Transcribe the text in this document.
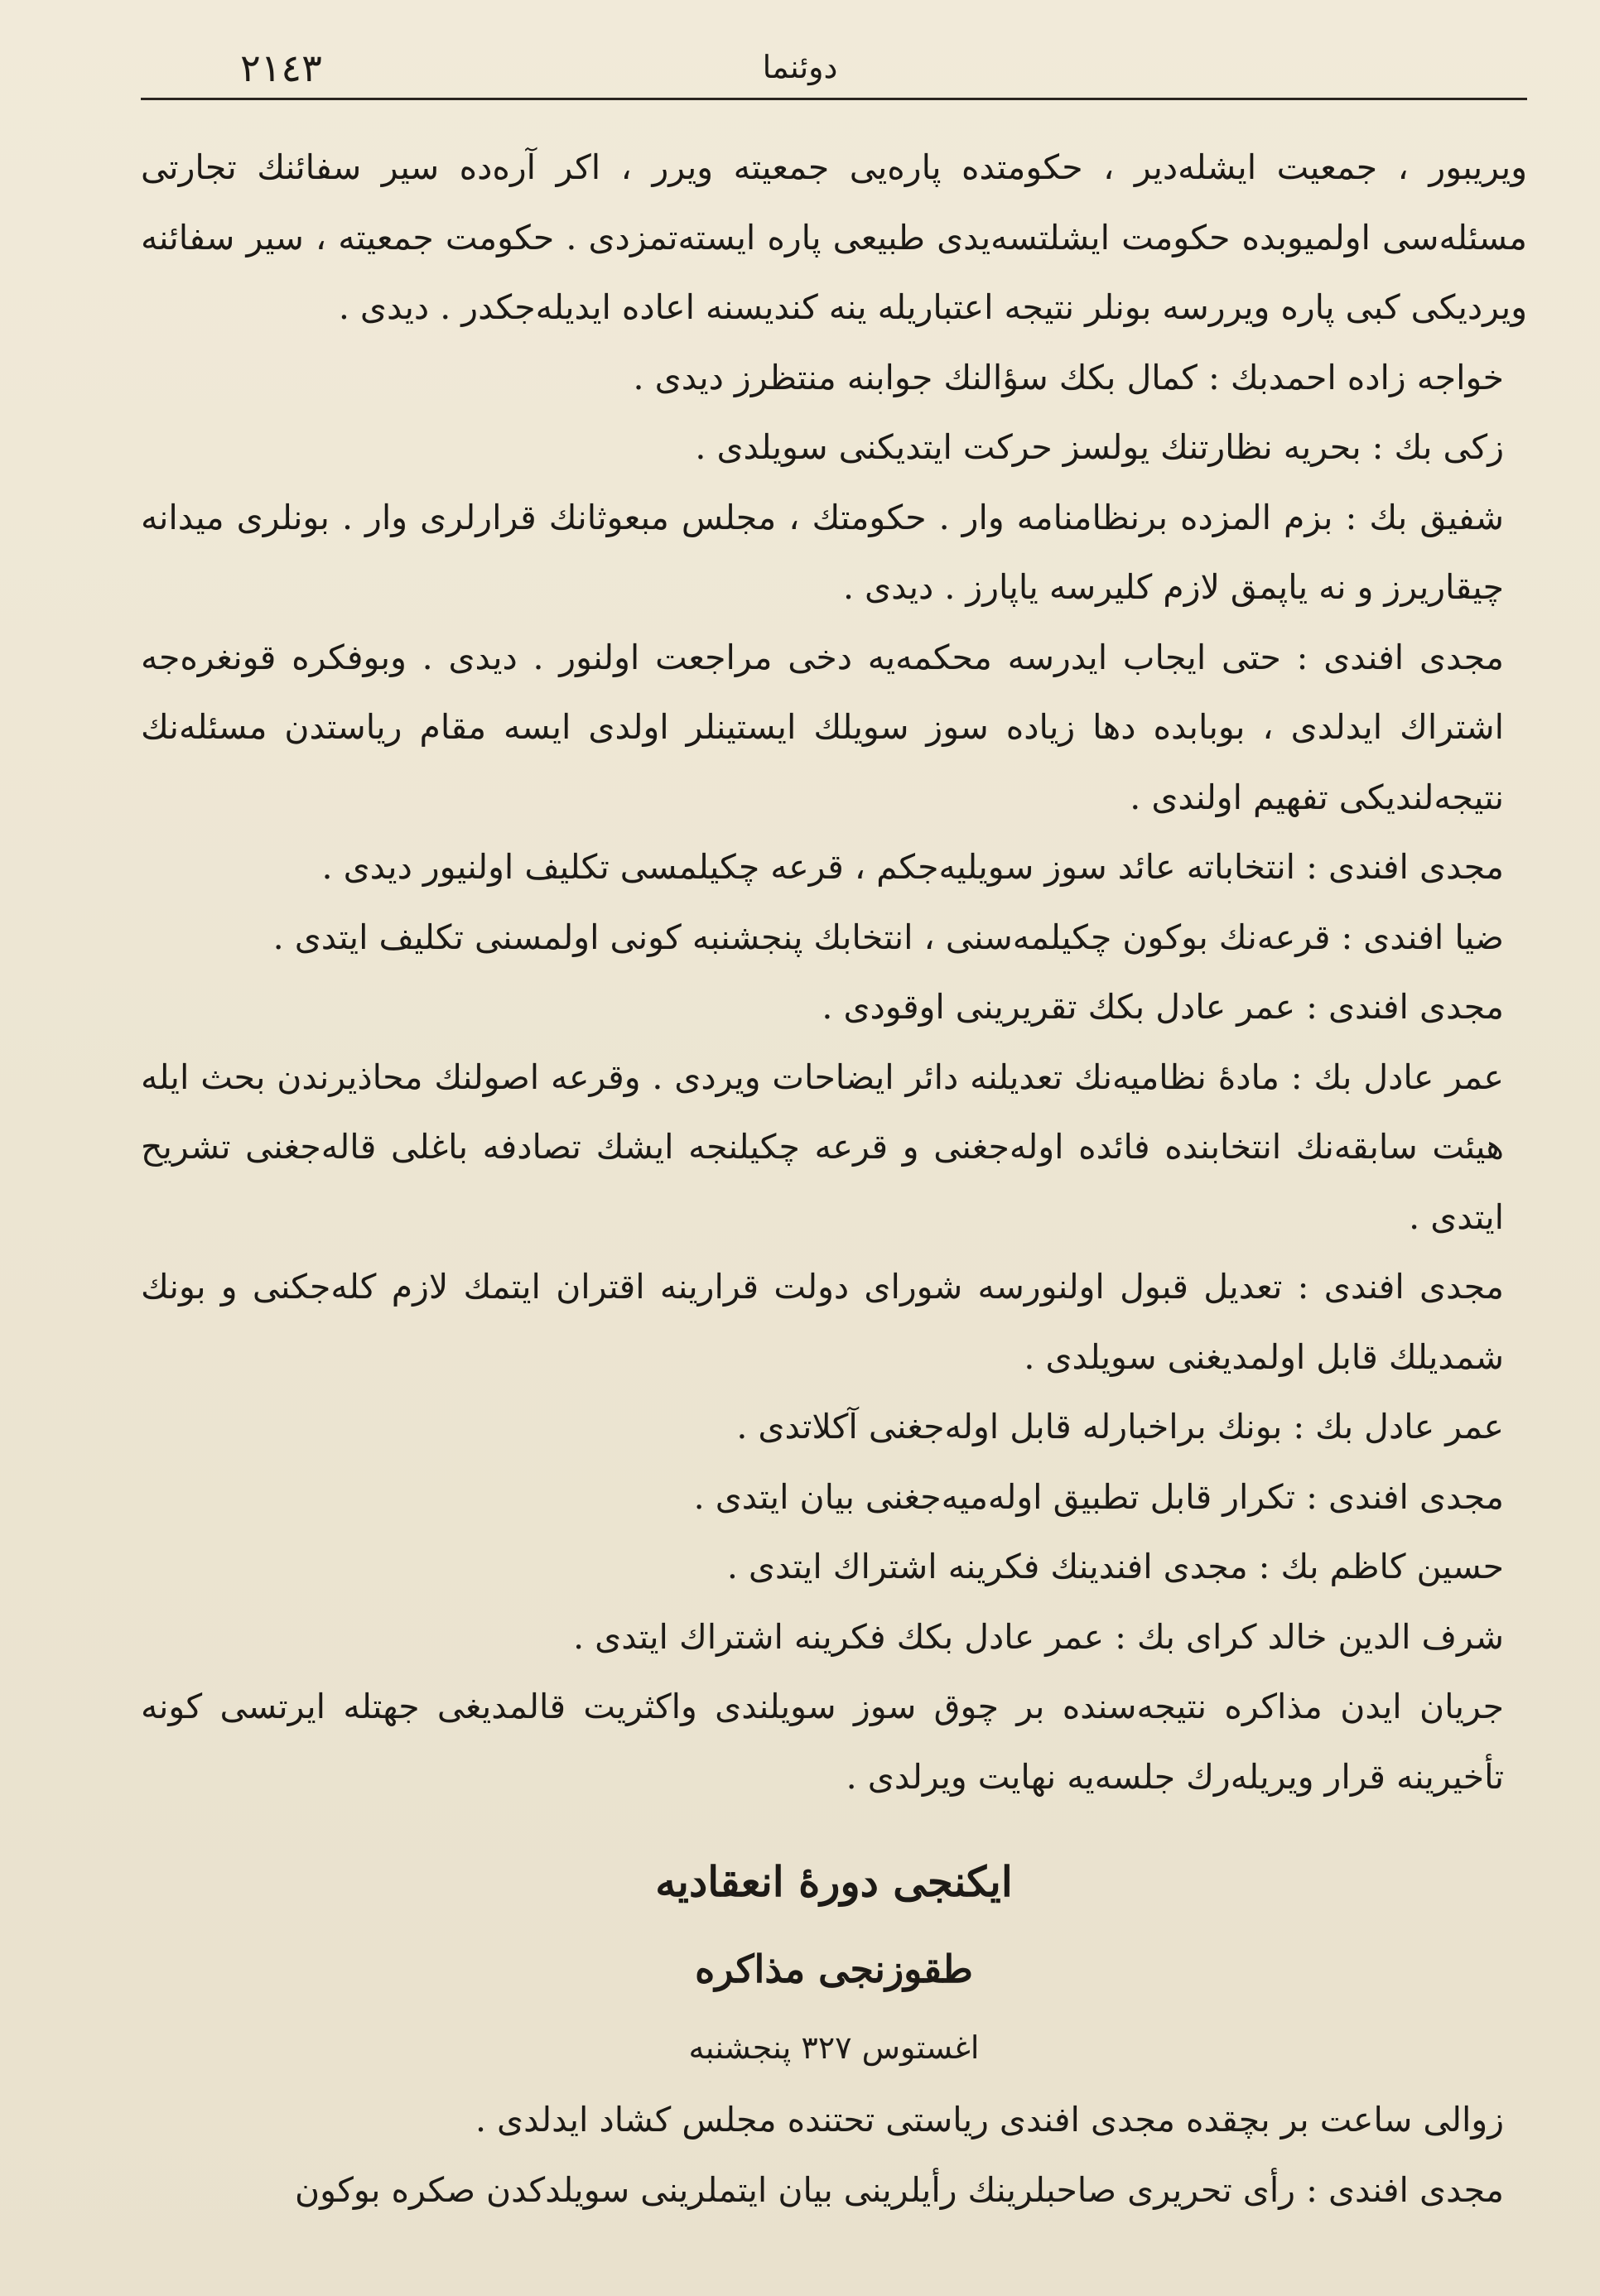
٢١٤٣	دوئنما

ویریبور ، جمعیت ایشلەدیر ، حکومتدە پارەیی جمعیتە ویرر ، اکر آرەدە سیر سفائنك تجارتی مسئلەسی اولمیوبدە حکومت ایشلتسەیدی طبیعی پارە ایستەتمزدی . حکومت جمعیتە ، سیر سفائنە ویردیکی کبی پارە ویررسە بونلر نتیجە اعتباریلە ینە کندیسنە اعادە ایدیلەجکدر . دیدی .

خواجە زادە احمدبك : کمال بکك سؤالنك جوابنە منتظرز دیدی .

زکی بك : بحریە نظارتنك یولسز حرکت ایتدیکنی سویلدی .

شفیق بك : بزم المزدە برنظامنامە وار . حکومتك ، مجلس مبعوثانك قرارلری وار . بونلری میدانە چیقاریرز و نە یاپمق لازم کلیرسە یاپارز . دیدی .

مجدی افندی : حتی ایجاب ایدرسە محکمەیە دخی مراجعت اولنور . دیدی . وبوفکرە قونغرەجە اشتراك ایدلدی ، بوبابدە دها زیادە سوز سویلك ایستینلر اولدی ایسە مقام ریاستدن مسئلەنك نتیجەلندیکی تفهیم اولندی .

مجدی افندی : انتخاباتە عائد سوز سویلیەجکم ، قرعە چکیلمسی تکلیف اولنیور دیدی .

ضیا افندی : قرعەنك بوکون چکیلمەسنی ، انتخابك پنجشنبە کونی اولمسنی تکلیف ایتدی .

مجدی افندی : عمر عادل بکك تقریرینی اوقودی .

عمر عادل بك : مادۀ نظامیەنك تعدیلنە دائر ایضاحات ویردی . وقرعە اصولنك محاذیرندن بحث ایلە هیئت سابقەنك انتخابندە فائدە اولەجغنی و قرعە چکیلنجە ایشك تصادفە باغلی قالەجغنی تشریح ایتدی .

مجدی افندی : تعدیل قبول اولنورسە شورای دولت قرارینە اقتران ایتمك لازم کلەجکنی و بونك شمدیلك قابل اولمدیغنی سویلدی .

عمر عادل بك : بونك براخبارلە قابل اولەجغنی آکلاتدی .

مجدی افندی : تکرار قابل تطبیق اولەمیەجغنی بیان ایتدی .

حسین کاظم بك : مجدی افندینك فکرینە اشتراك ایتدی .

شرف الدین خالد کرای بك : عمر عادل بکك فکرینە اشتراك ایتدی .

جریان ایدن مذاکرە نتیجەسندە بر چوق سوز سویلندی واکثریت قالمدیغی جهتلە ایرتسی کونە تأخیرینە قرار ویریلەرك جلسەیە نهایت ویرلدی .

ایکنجی دورۀ انعقادیە
طقوزنجی مذاکرە
اغستوس ٣٢٧ پنجشنبە

زوالی ساعت بر بچقدە مجدی افندی ریاستی تحتندە مجلس کشاد ایدلدی .

مجدی افندی : رأی تحریری صاحبلرینك رأیلرینی بیان ایتملرینی سویلدکدن صکرە بوکون
